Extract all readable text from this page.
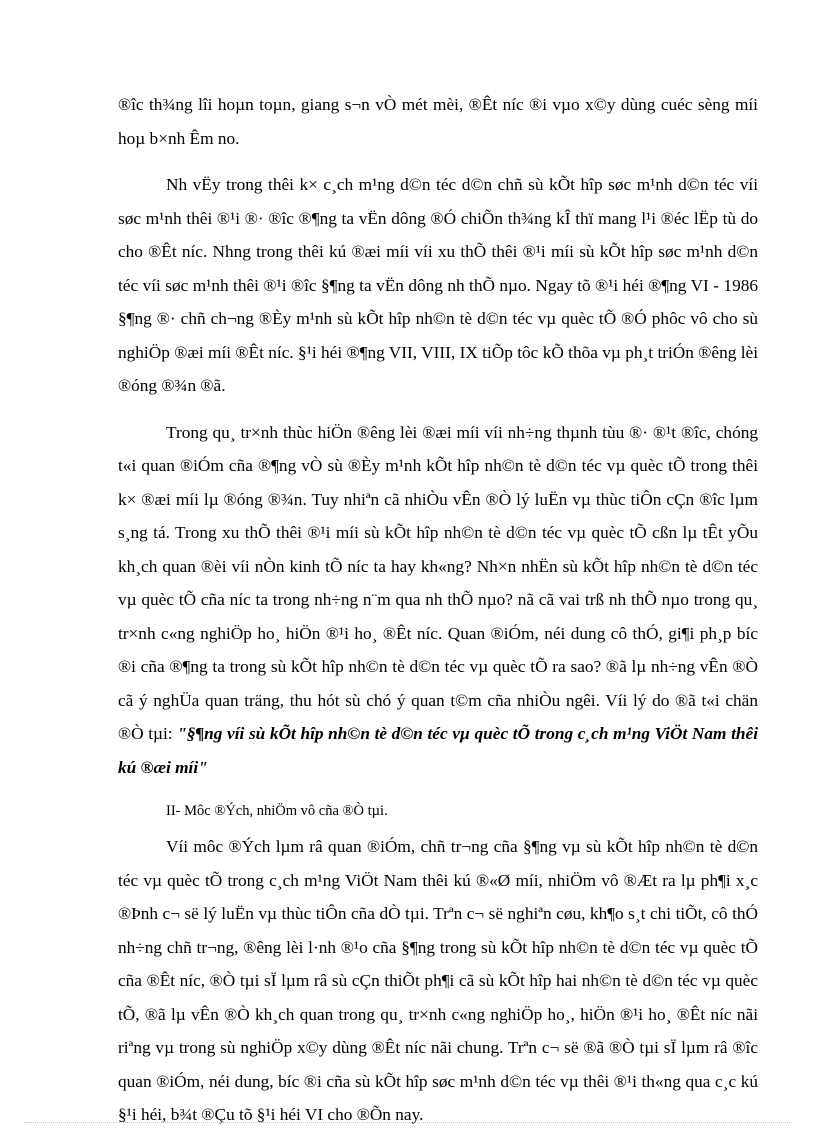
®îc th¾ng lîi hoµn toµn, giang s¬n vÒ mét mèi, ®Êt níc ®i vµo x©y dùng cuéc sèng míi hoµ b×nh Êm no.

Nh vËy trong thêi k× c¸ch m¹ng d©n téc d©n chñ sù kÕt hîp søc m¹nh d©n téc víi søc m¹nh thêi ®¹i ®· ®îc ®¶ng ta vËn dông ®Ó chiÕn th¾ng kÎ thï mang l¹i ®éc lËp tù do cho ®Êt níc. Nhng trong thêi kú ®æi míi víi xu thÕ thêi ®¹i míi sù kÕt hîp søc m¹nh d©n téc víi søc m¹nh thêi ®¹i ®îc §¶ng ta vËn dông nh thÕ nµo. Ngay tõ ®¹i héi ®¶ng VI - 1986 §¶ng ®· chñ ch¬ng ®Èy m¹nh sù kÕt hîp nh©n tè d©n téc vµ quèc tÕ ®Ó phôc vô cho sù nghiÖp ®æi míi ®Êt níc. §¹i héi ®¶ng VII, VIII, IX tiÕp tôc kÕ thõa vµ ph¸t triÓn ®êng lèi ®óng ®¾n ®ã.

Trong qu¸ tr×nh thùc hiÖn ®êng lèi ®æi míi víi nh÷ng thµnh tùu ®· ®¹t ®îc, chóng t«i quan ®iÓm cña ®¶ng vÒ sù ®Èy m¹nh kÕt hîp nh©n tè d©n téc vµ quèc tÕ trong thêi k× ®æi míi lµ ®óng ®¾n. Tuy nhiªn cã nhiÒu vÊn ®Ò lý luËn vµ thùc tiÔn cÇn ®îc lµm s¸ng tá. Trong xu thÕ thêi ®¹i míi sù kÕt hîp nh©n tè d©n téc vµ quèc tÕ cßn lµ tÊt yÕu kh¸ch quan ®èi víi nÒn kinh tÕ níc ta hay kh«ng? Nh×n nhËn sù kÕt hîp nh©n tè d©n téc vµ quèc tÕ cña níc ta trong nh÷ng n¨m qua nh thÕ nµo? nã cã vai trß nh thÕ nµo trong qu¸ tr×nh c«ng nghiÖp ho¸ hiÖn ®¹i ho¸ ®Êt níc. Quan ®iÓm, néi dung cô thÓ, gi¶i ph¸p bíc ®i cña ®¶ng ta trong sù kÕt hîp nh©n tè d©n téc vµ quèc tÕ ra sao? ®ã lµ nh÷ng vÊn ®Ò cã ý nghÜa quan träng, thu hót sù chó ý quan t©m cña nhiÒu ngêi. Víi lý do ®ã t«i chän ®Ò tµi: "§¶ng víi sù kÕt hîp nh©n tè d©n téc vµ quèc tÕ trong c¸ch m¹ng ViÖt Nam thêi kú ®æi míi"

II- Môc ®Ých, nhiÖm vô cña ®Ò tµi.

Víi môc ®Ých lµm râ quan ®iÓm, chñ tr¬ng cña §¶ng vµ sù kÕt hîp nh©n tè d©n téc vµ quèc tÕ trong c¸ch m¹ng ViÖt Nam thêi kú ®«Ø míi, nhiÖm vô ®Æt ra lµ ph¶i x¸c ®Þnh c¬ së lý luËn vµ thùc tiÔn cña dÒ tµi. Trªn c¬ së nghiªn cøu, kh¶o s¸t chi tiÕt, cô thÓ nh÷ng chñ tr¬ng, ®êng lèi l·nh ®¹o cña §¶ng trong sù kÕt hîp nh©n tè d©n téc vµ quèc tÕ cña ®Êt níc, ®Ò tµi sÏ lµm râ sù cÇn thiÕt ph¶i cã sù kÕt hîp hai nh©n tè d©n téc vµ quèc tÕ, ®ã lµ vÊn ®Ò kh¸ch quan trong qu¸ tr×nh c«ng nghiÖp ho¸, hiÖn ®¹i ho¸ ®Êt níc nãi riªng vµ trong sù nghiÖp x©y dùng ®Êt níc nãi chung. Trªn c¬ së ®ã ®Ò tµi sÏ lµm râ ®îc quan ®iÓm, néi dung, bíc ®i cña sù kÕt hîp søc m¹nh d©n téc vµ thêi ®¹i th«ng qua c¸c kú §¹i héi, b¾t ®Çu tõ §¹i héi VI cho ®Õn nay.
